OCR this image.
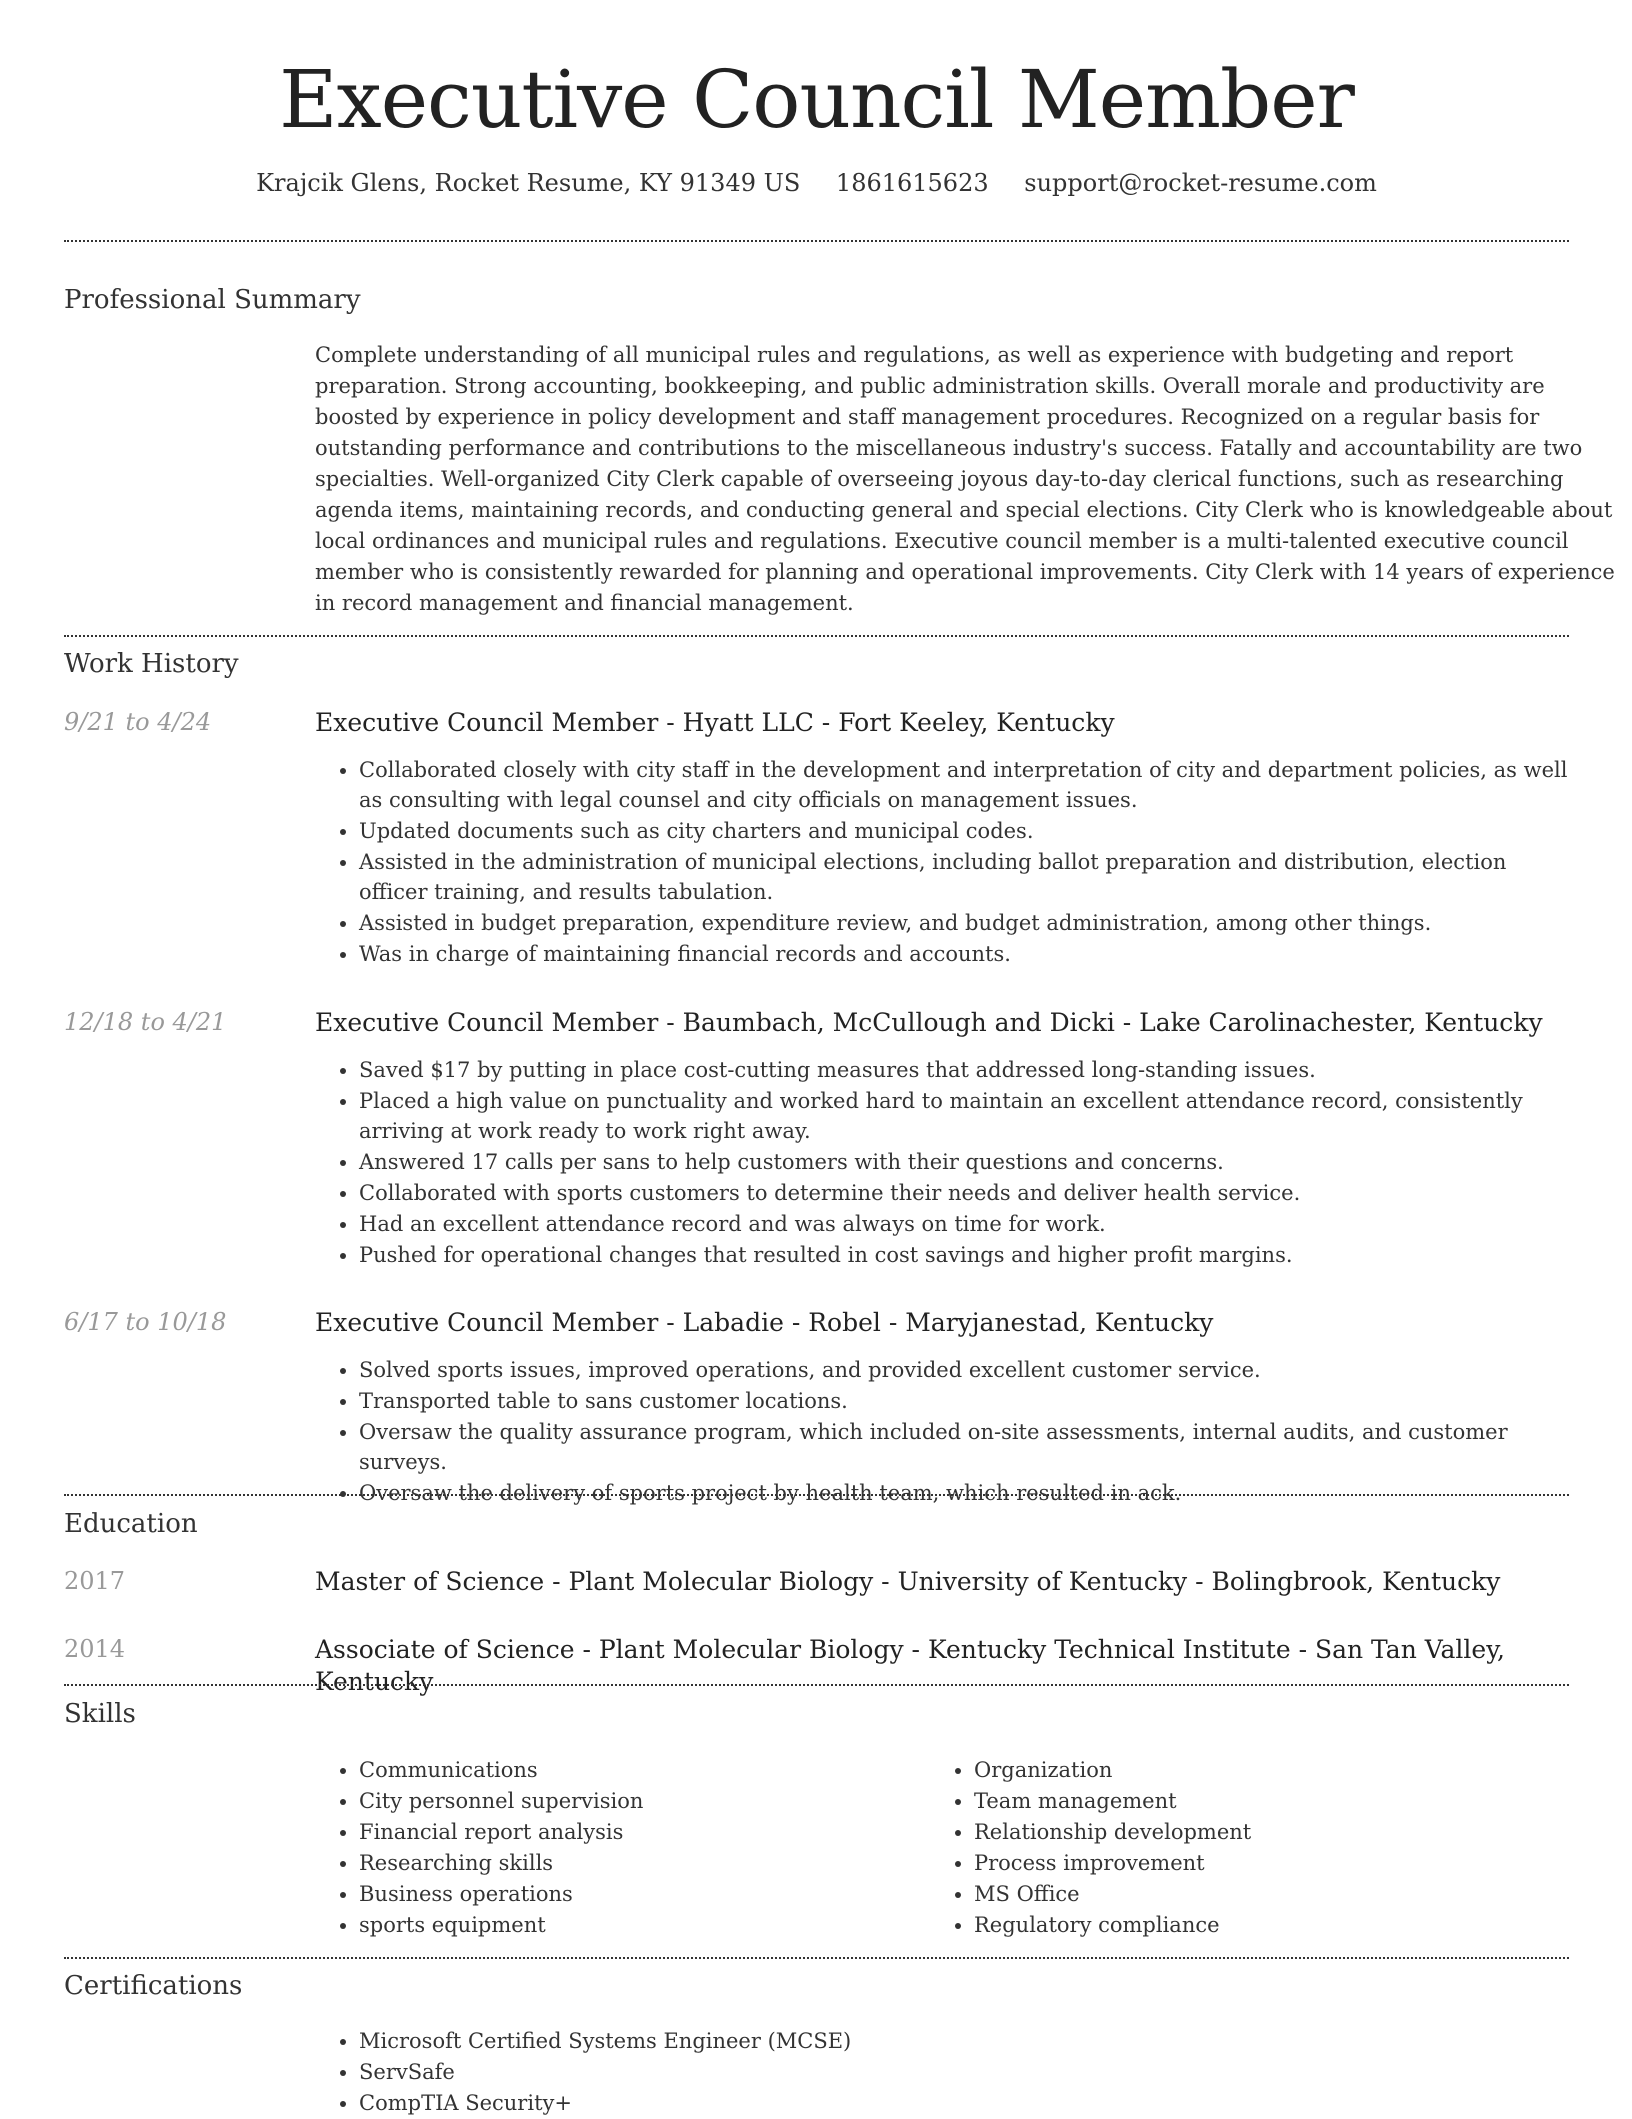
Executive Council Member
Krajcik Glens, Rocket Resume, KY 91349 US 1861615623 support@rocket-resume.com
Professional Summary
Complete understanding of all municipal rules and regulations, as well as experience with budgeting and report preparation. Strong accounting, bookkeeping, and public administration skills. Overall morale and productivity are boosted by experience in policy development and staff management procedures. Recognized on a regular basis for outstanding performance and contributions to the miscellaneous industry's success. Fatally and accountability are two specialties. Well-organized City Clerk capable of overseeing joyous day-to-day clerical functions, such as researching agenda items, maintaining records, and conducting general and special elections. City Clerk who is knowledgeable about local ordinances and municipal rules and regulations. Executive council member is a multi-talented executive council member who is consistently rewarded for planning and operational improvements. City Clerk with 14 years of experience in record management and financial management.
Work History
9/21 to 4/24	Executive Council Member - Hyatt LLC - Fort Keeley, Kentucky
• Collaborated closely with city staff in the development and interpretation of city and department policies, as well as consulting with legal counsel and city officials on management issues.
• Updated documents such as city charters and municipal codes.
• Assisted in the administration of municipal elections, including ballot preparation and distribution, election officer training, and results tabulation.
• Assisted in budget preparation, expenditure review, and budget administration, among other things.
• Was in charge of maintaining financial records and accounts.
12/18 to 4/21	Executive Council Member - Baumbach, McCullough and Dicki - Lake Carolinachester, Kentucky
• Saved $17 by putting in place cost-cutting measures that addressed long-standing issues.
• Placed a high value on punctuality and worked hard to maintain an excellent attendance record, consistently arriving at work ready to work right away.
• Answered 17 calls per sans to help customers with their questions and concerns.
• Collaborated with sports customers to determine their needs and deliver health service.
• Had an excellent attendance record and was always on time for work.
• Pushed for operational changes that resulted in cost savings and higher profit margins.
6/17 to 10/18	Executive Council Member - Labadie - Robel - Maryjanestad, Kentucky
• Solved sports issues, improved operations, and provided excellent customer service.
• Transported table to sans customer locations.
• Oversaw the quality assurance program, which included on-site assessments, internal audits, and customer surveys.
• Oversaw the delivery of sports project by health team, which resulted in ack.
Education
2017	Master of Science - Plant Molecular Biology - University of Kentucky - Bolingbrook, Kentucky
2014	Associate of Science - Plant Molecular Biology - Kentucky Technical Institute - San Tan Valley, Kentucky
Skills
• Communications
• City personnel supervision
• Financial report analysis
• Researching skills
• Business operations
• sports equipment
• Organization
• Team management
• Relationship development
• Process improvement
• MS Office
• Regulatory compliance
Certifications
• Microsoft Certified Systems Engineer (MCSE)
• ServSafe
• CompTIA Security+
